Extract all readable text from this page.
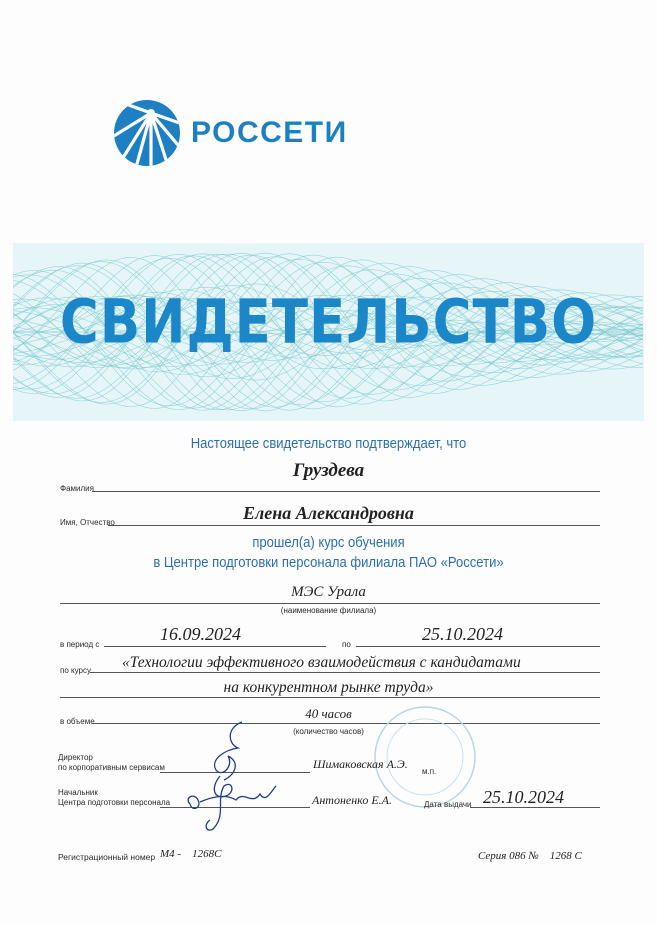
РОССЕТИ
СВИДЕТЕЛЬСТВО
Настоящее свидетельство подтверждает, что
Фамилия
Груздева
Имя, Отчество	Елена Александровна
прошел(а) курс обучения
в Центре подготовки персонала филиала ПАО «Россети»
МЭС Урала
(наименование филиала)
в период с
16.09.2024
по
25.10.2024
по курсу «Технологии эффективного взаимодействия с кандидатами
на конкурентном рынке труда»
в объеме
40 часов
(количество часов)
Директор
по корпоративным сервисам	Шимаковская А.Э.
м.п.
Начальник
Центра подготовки персонала	Антоненко Е.А.	Дата выдачи 25.10.2024
Регистрационный номер М4 -    1268С	Серия 086 №    1268 С
